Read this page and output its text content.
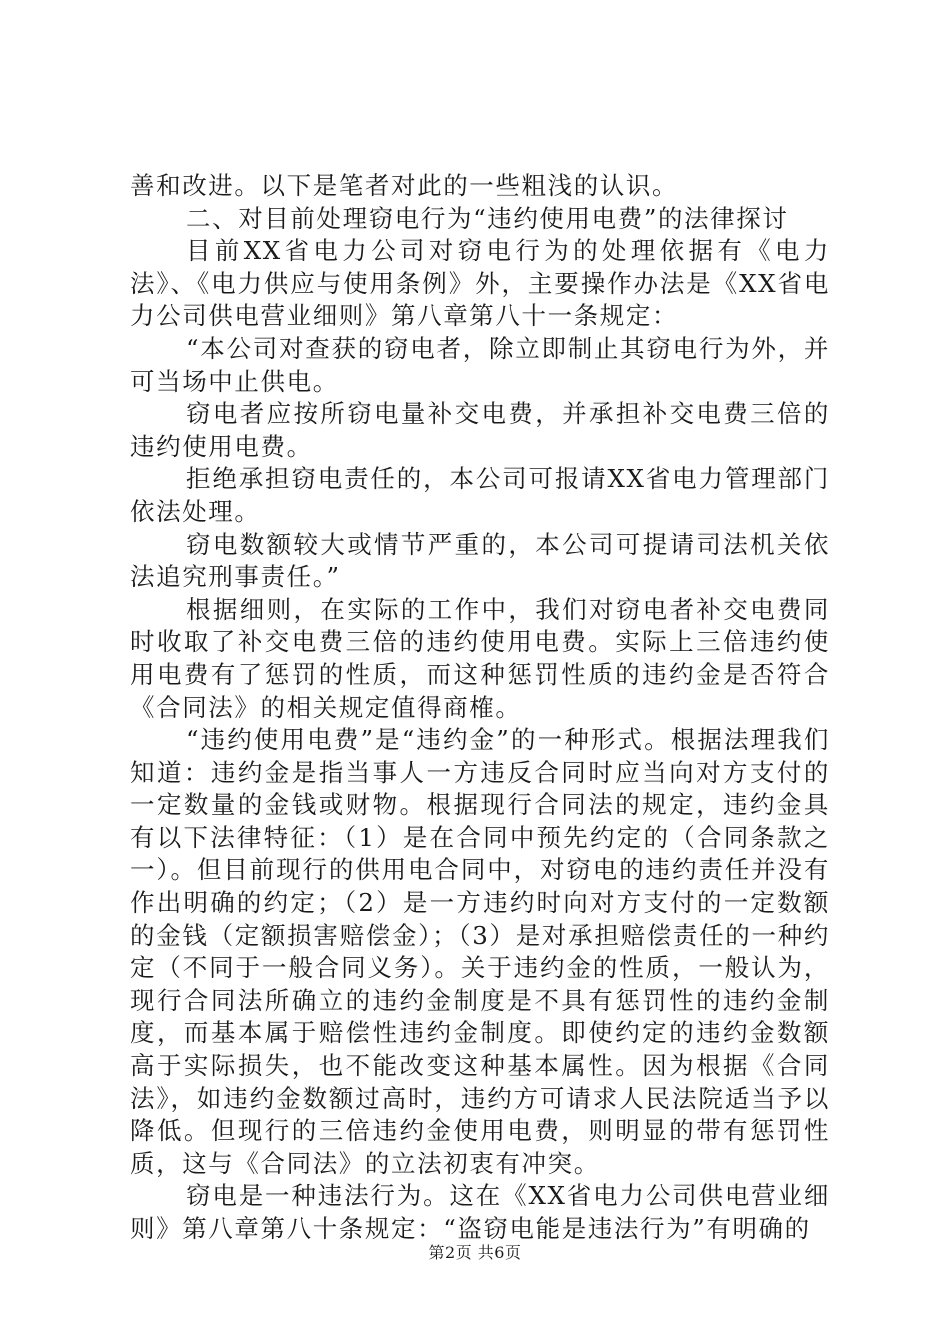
善和改进。以下是笔者对此的一些粗浅的认识。

二、对目前处理窃电行为“违约使用电费”的法律探讨

目前XX省电力公司对窃电行为的处理依据有《电力法》、《电力供应与使用条例》外，主要操作办法是《XX省电力公司供电营业细则》第八章第八十一条规定：

“本公司对查获的窃电者，除立即制止其窃电行为外，并可当场中止供电。

窃电者应按所窃电量补交电费，并承担补交电费三倍的违约使用电费。

拒绝承担窃电责任的，本公司可报请XX省电力管理部门依法处理。

窃电数额较大或情节严重的，本公司可提请司法机关依法追究刑事责任。”

根据细则，在实际的工作中，我们对窃电者补交电费同时收取了补交电费三倍的违约使用电费。实际上三倍违约使用电费有了惩罚的性质，而这种惩罚性质的违约金是否符合《合同法》的相关规定值得商榷。

“违约使用电费”是“违约金”的一种形式。根据法理我们知道：违约金是指当事人一方违反合同时应当向对方支付的一定数量的金钱或财物。根据现行合同法的规定，违约金具有以下法律特征：（1）是在合同中预先约定的（合同条款之一）。但目前现行的供用电合同中，对窃电的违约责任并没有作出明确的约定；（2）是一方违约时向对方支付的一定数额的金钱（定额损害赔偿金）；（3）是对承担赔偿责任的一种约定（不同于一般合同义务）。关于违约金的性质，一般认为，现行合同法所确立的违约金制度是不具有惩罚性的违约金制度，而基本属于赔偿性违约金制度。即使约定的违约金数额高于实际损失，也不能改变这种基本属性。因为根据《合同法》，如违约金数额过高时，违约方可请求人民法院适当予以降低。但现行的三倍违约金使用电费，则明显的带有惩罚性质，这与《合同法》的立法初衷有冲突。

窃电是一种违法行为。这在《XX省电力公司供电营业细则》第八章第八十条规定：“盗窃电能是违法行为”有明确的

第2页 共6页
